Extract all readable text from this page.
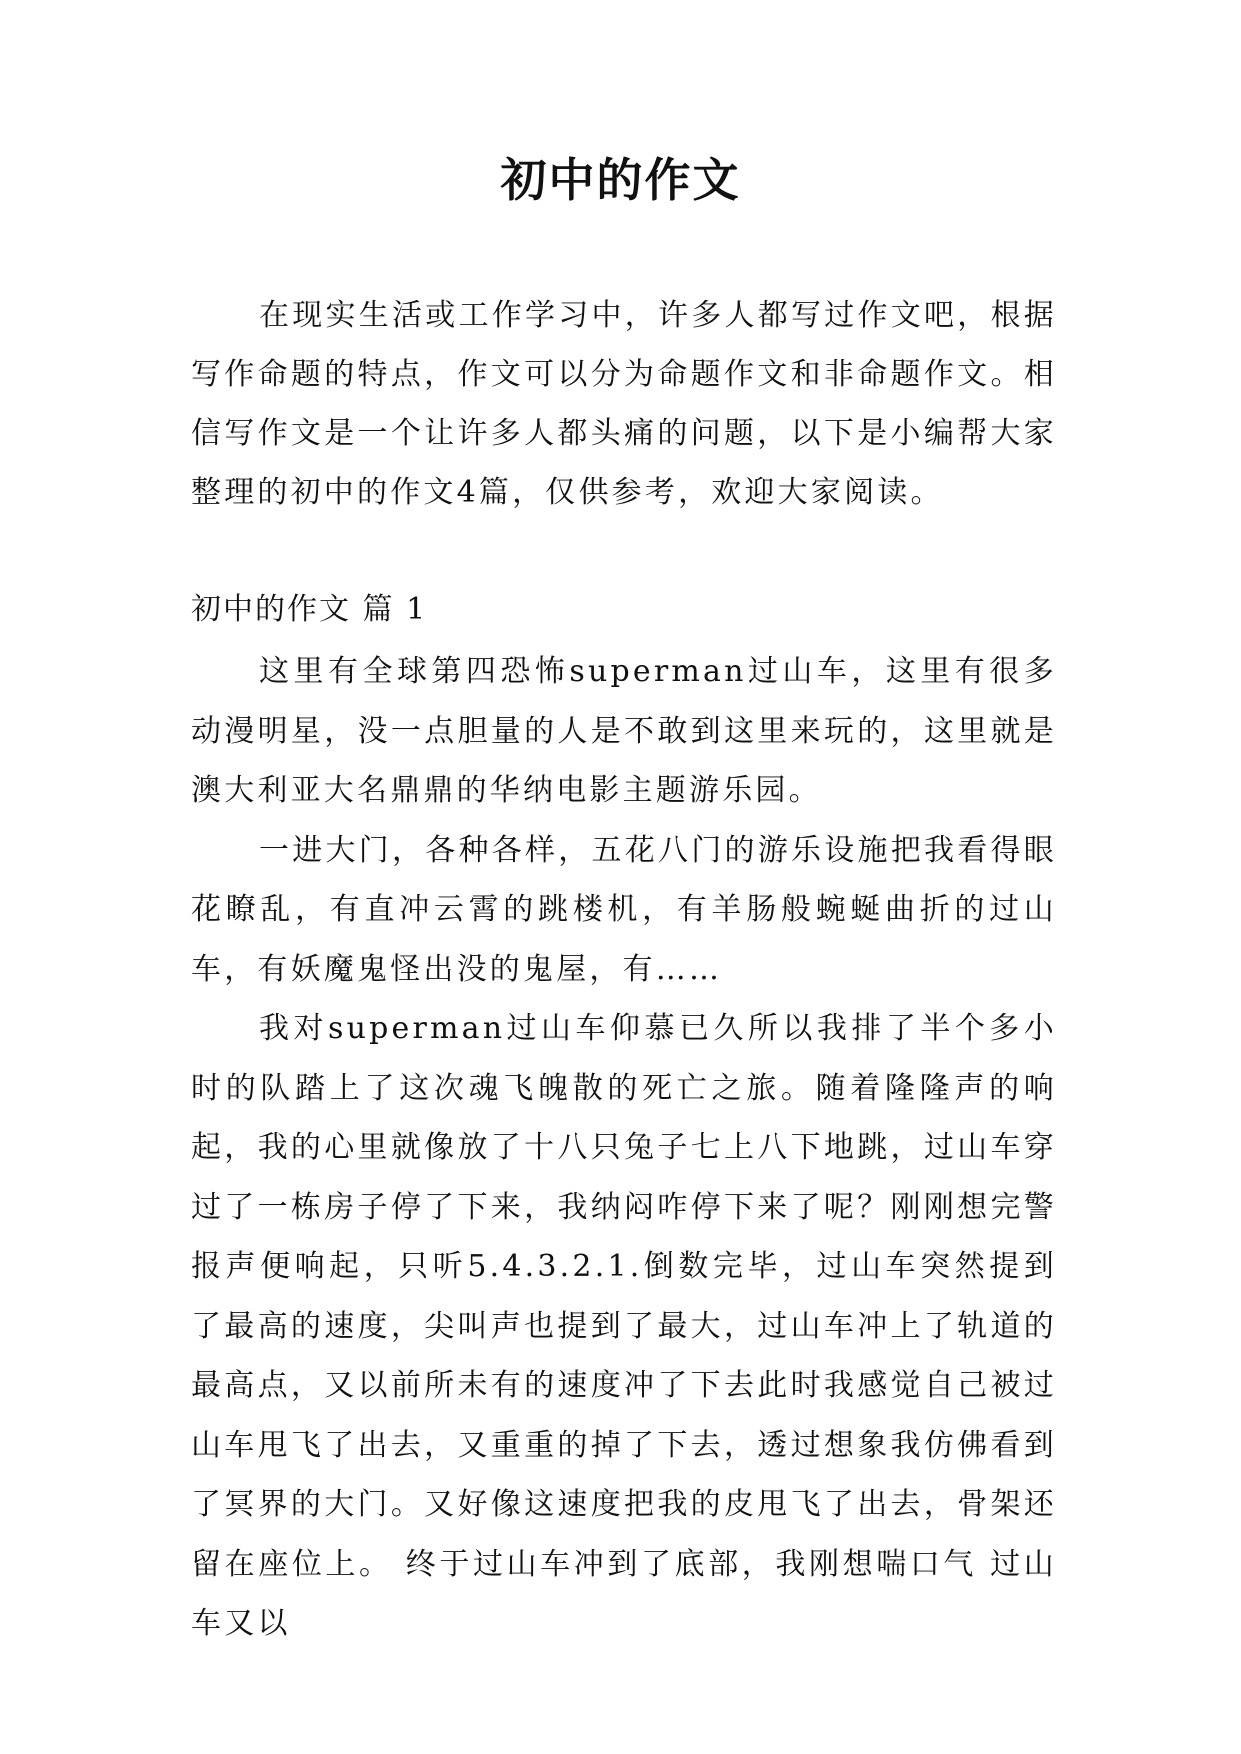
初中的作文

在现实生活或工作学习中，许多人都写过作文吧，根据写作命题的特点，作文可以分为命题作文和非命题作文。相信写作文是一个让许多人都头痛的问题，以下是小编帮大家整理的初中的作文4篇，仅供参考，欢迎大家阅读。

初中的作文 篇 1

这里有全球第四恐怖superman过山车，这里有很多动漫明星，没一点胆量的人是不敢到这里来玩的，这里就是澳大利亚大名鼎鼎的华纳电影主题游乐园。

一进大门，各种各样，五花八门的游乐设施把我看得眼花瞭乱，有直冲云霄的跳楼机，有羊肠般蜿蜒曲折的过山车，有妖魔鬼怪出没的鬼屋，有……

我对superman过山车仰慕已久所以我排了半个多小时的队踏上了这次魂飞魄散的死亡之旅。随着隆隆声的响起，我的心里就像放了十八只兔子七上八下地跳，过山车穿过了一栋房子停了下来，我纳闷咋停下来了呢？刚刚想完警报声便响起，只听5.4.3.2.1.倒数完毕，过山车突然提到了最高的速度，尖叫声也提到了最大，过山车冲上了轨道的最高点，又以前所未有的速度冲了下去此时我感觉自己被过山车甩飞了出去，又重重的掉了下去，透过想象我仿佛看到了冥界的大门。又好像这速度把我的皮甩飞了出去，骨架还留在座位上。 终于过山车冲到了底部，我刚想喘口气 过山车又以
